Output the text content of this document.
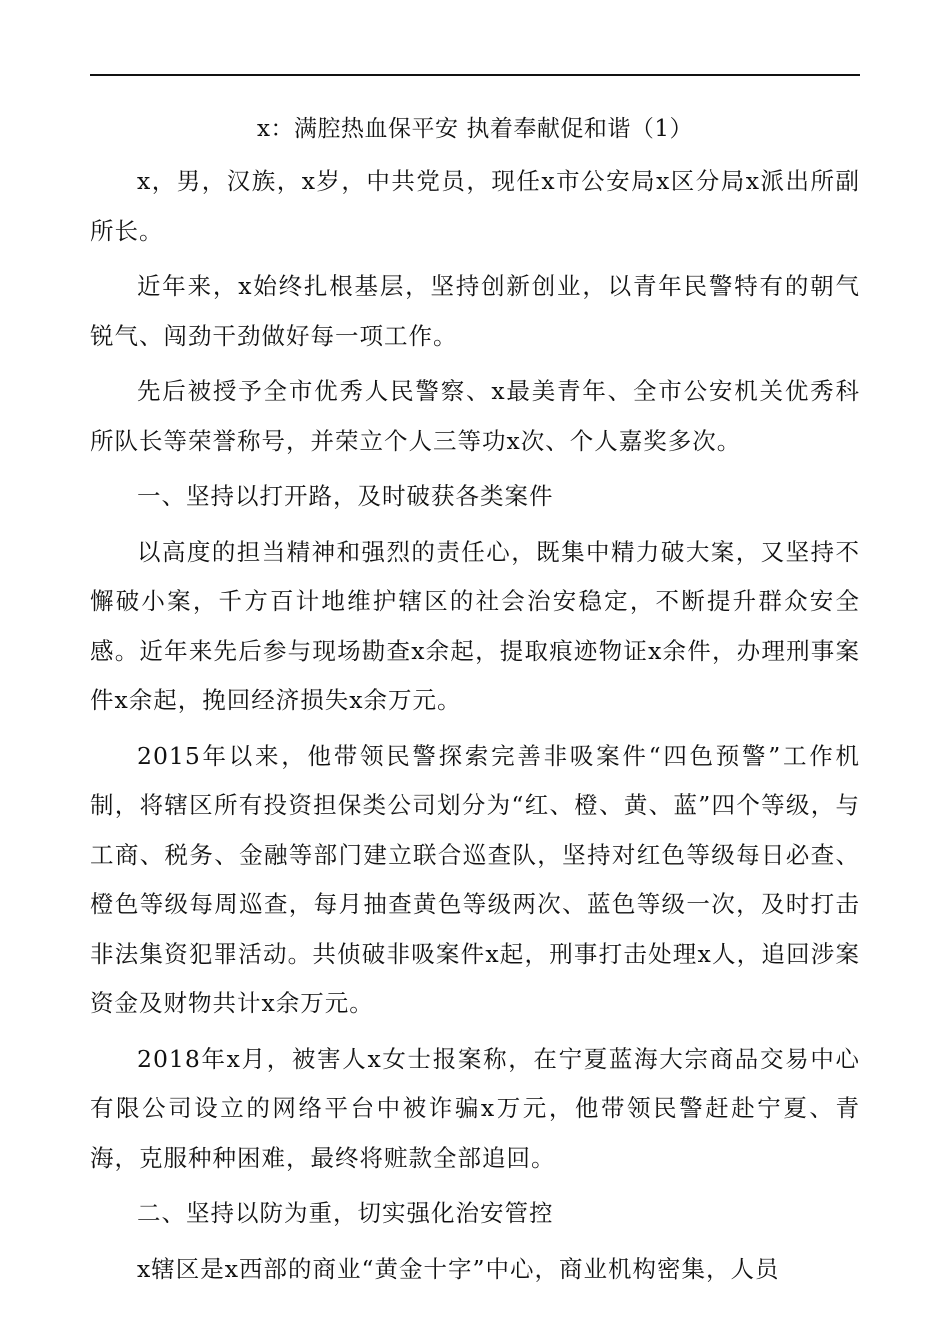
x：满腔热血保平安 执着奉献促和谐（1）

x，男，汉族，x岁，中共党员，现任x市公安局x区分局x派出所副所长。

近年来，x始终扎根基层，坚持创新创业，以青年民警特有的朝气锐气、闯劲干劲做好每一项工作。

先后被授予全市优秀人民警察、x最美青年、全市公安机关优秀科所队长等荣誉称号，并荣立个人三等功x次、个人嘉奖多次。

一、坚持以打开路，及时破获各类案件

以高度的担当精神和强烈的责任心，既集中精力破大案，又坚持不懈破小案，千方百计地维护辖区的社会治安稳定，不断提升群众安全感。近年来先后参与现场勘查x余起，提取痕迹物证x余件，办理刑事案件x余起，挽回经济损失x余万元。

2015年以来，他带领民警探索完善非吸案件“四色预警”工作机制，将辖区所有投资担保类公司划分为“红、橙、黄、蓝”四个等级，与工商、税务、金融等部门建立联合巡查队，坚持对红色等级每日必查、橙色等级每周巡查，每月抽查黄色等级两次、蓝色等级一次，及时打击非法集资犯罪活动。共侦破非吸案件x起，刑事打击处理x人，追回涉案资金及财物共计x余万元。

2018年x月，被害人x女士报案称，在宁夏蓝海大宗商品交易中心有限公司设立的网络平台中被诈骗x万元，他带领民警赶赴宁夏、青海，克服种种困难，最终将赃款全部追回。

二、坚持以防为重，切实强化治安管控

x辖区是x西部的商业“黄金十字”中心，商业机构密集，人员
